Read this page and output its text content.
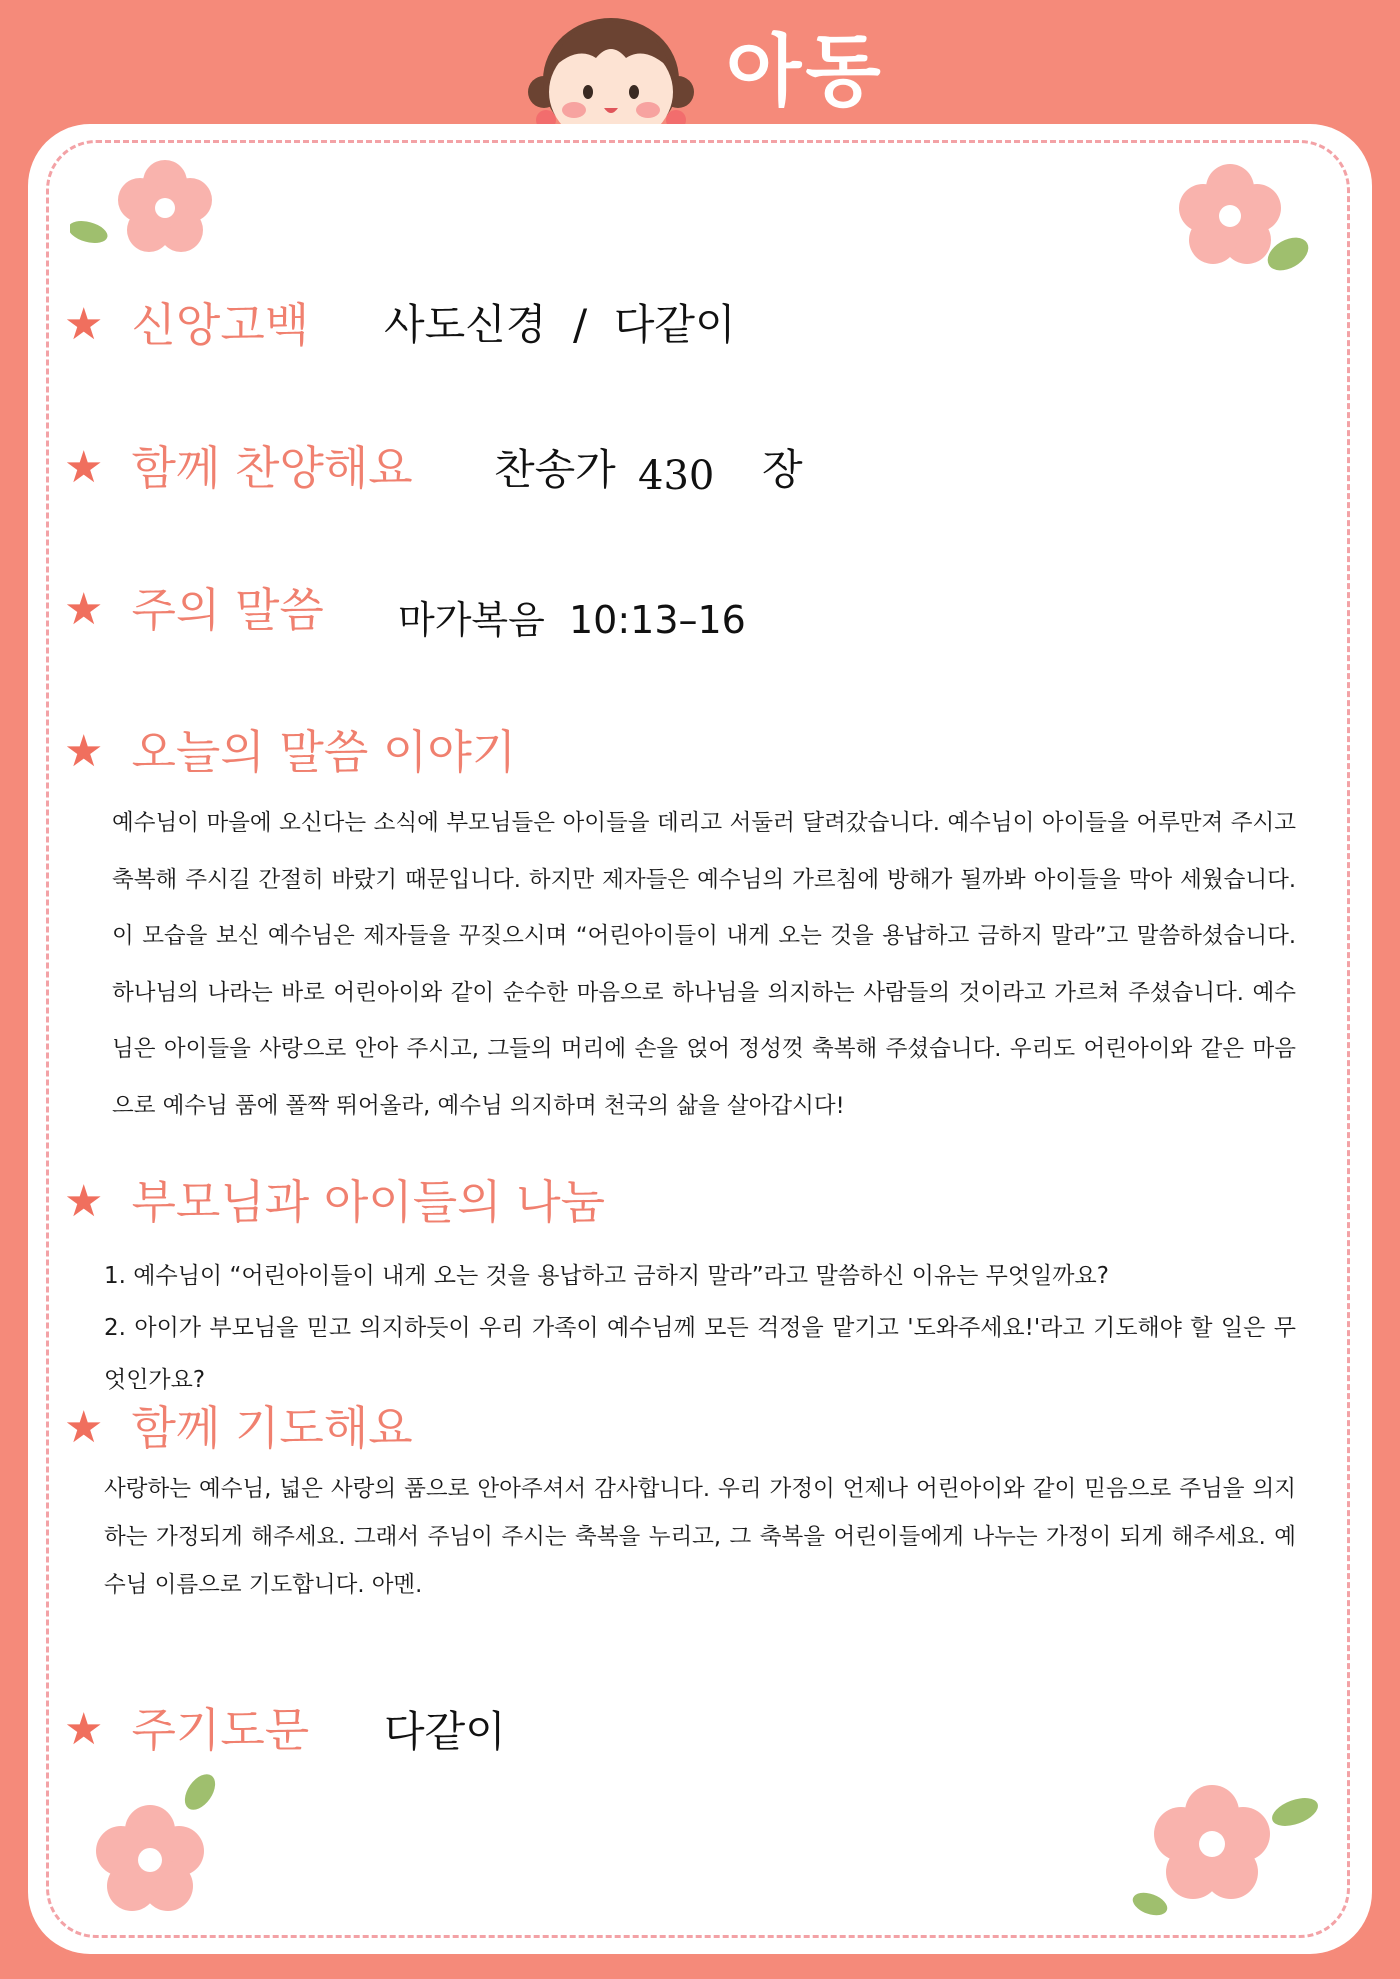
아동
★ 신앙고백 사도신경  /  다같이
★ 함께 찬양해요 찬송가 430 장
★ 주의 말씀 마가복음  10:13–16
★ 오늘의 말씀 이야기
예수님이 마을에 오신다는 소식에 부모님들은 아이들을 데리고 서둘러 달려갔습니다. 예수님이 아이들을 어루만져 주시고 축복해 주시길 간절히 바랐기 때문입니다. 하지만 제자들은 예수님의 가르침에 방해가 될까봐 아이들을 막아 세웠습니다. 이 모습을 보신 예수님은 제자들을 꾸짖으시며 “어린아이들이 내게 오는 것을 용납하고 금하지 말라”고 말씀하셨습니다. 하나님의 나라는 바로 어린아이와 같이 순수한 마음으로 하나님을 의지하는 사람들의 것이라고 가르쳐 주셨습니다. 예수님은 아이들을 사랑으로 안아 주시고, 그들의 머리에 손을 얹어 정성껏 축복해 주셨습니다. 우리도 어린아이와 같은 마음으로 예수님 품에 폴짝 뛰어올라, 예수님 의지하며 천국의 삶을 살아갑시다!
★ 부모님과 아이들의 나눔
1. 예수님이 “어린아이들이 내게 오는 것을 용납하고 금하지 말라”라고 말씀하신 이유는 무엇일까요?
2. 아이가 부모님을 믿고 의지하듯이 우리 가족이 예수님께 모든 걱정을 맡기고 '도와주세요!'라고 기도해야 할 일은 무엇인가요?
★ 함께 기도해요
사랑하는 예수님, 넓은 사랑의 품으로 안아주셔서 감사합니다. 우리 가정이 언제나 어린아이와 같이 믿음으로 주님을 의지하는 가정되게 해주세요. 그래서 주님이 주시는 축복을 누리고, 그 축복을 어린이들에게 나누는 가정이 되게 해주세요. 예수님 이름으로 기도합니다. 아멘.
★ 주기도문 다같이
